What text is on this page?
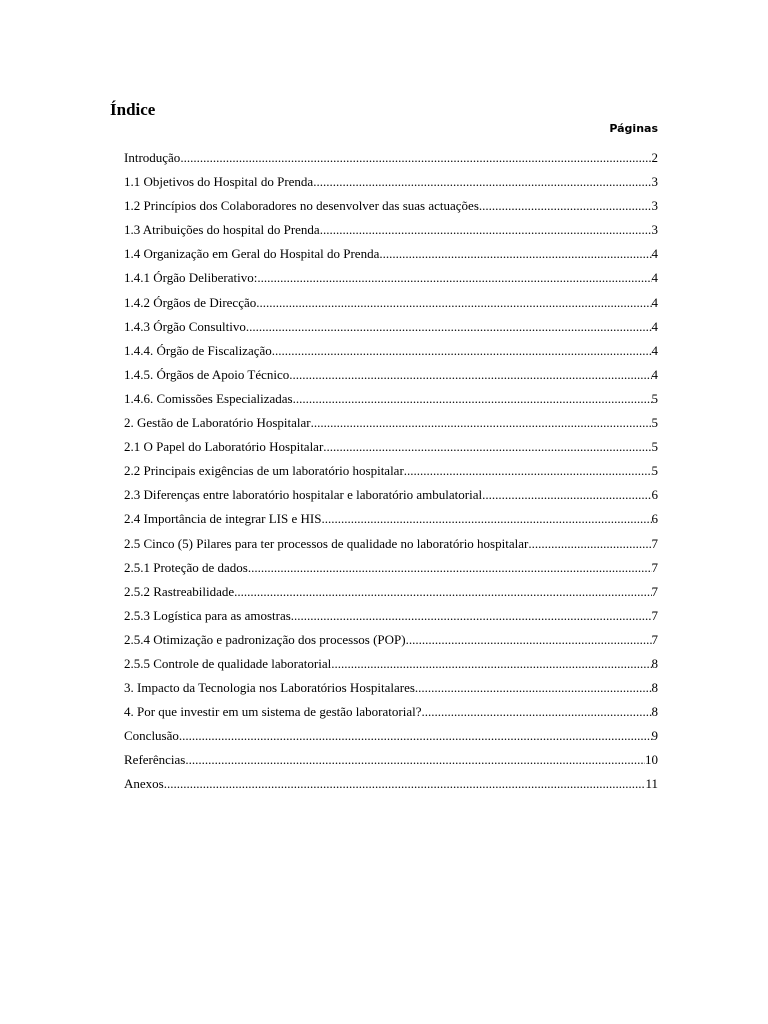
Índice
Páginas
Introdução .....	2
1.1 Objetivos do Hospital do Prenda .....	3
1.2 Princípios dos Colaboradores no desenvolver das suas actuações .....	3
1.3 Atribuições do hospital do Prenda .....	3
1.4 Organização em Geral do Hospital do Prenda .....	4
1.4.1 Órgão Deliberativo: .....	4
1.4.2 Órgãos de Direcção .....	4
1.4.3 Órgão Consultivo .....	4
1.4.4. Órgão de Fiscalização .....	4
1.4.5. Órgãos de Apoio Técnico .....	4
1.4.6. Comissões Especializadas .....	5
2. Gestão de Laboratório Hospitalar .....	5
2.1 O Papel do Laboratório Hospitalar .....	5
2.2 Principais exigências de um laboratório hospitalar .....	5
2.3 Diferenças entre laboratório hospitalar e laboratório ambulatorial .....	6
2.4 Importância de integrar LIS e HIS .....	6
2.5 Cinco (5) Pilares para ter processos de qualidade no laboratório hospitalar .....	7
2.5.1 Proteção de dados .....	7
2.5.2 Rastreabilidade .....	7
2.5.3 Logística para as amostras .....	7
2.5.4 Otimização e padronização dos processos (POP) .....	7
2.5.5 Controle de qualidade laboratorial .....	8
3. Impacto da Tecnologia nos Laboratórios Hospitalares .....	8
4. Por que investir em um sistema de gestão laboratorial? .....	8
Conclusão .....	9
Referências .....	10
Anexos .....	11
